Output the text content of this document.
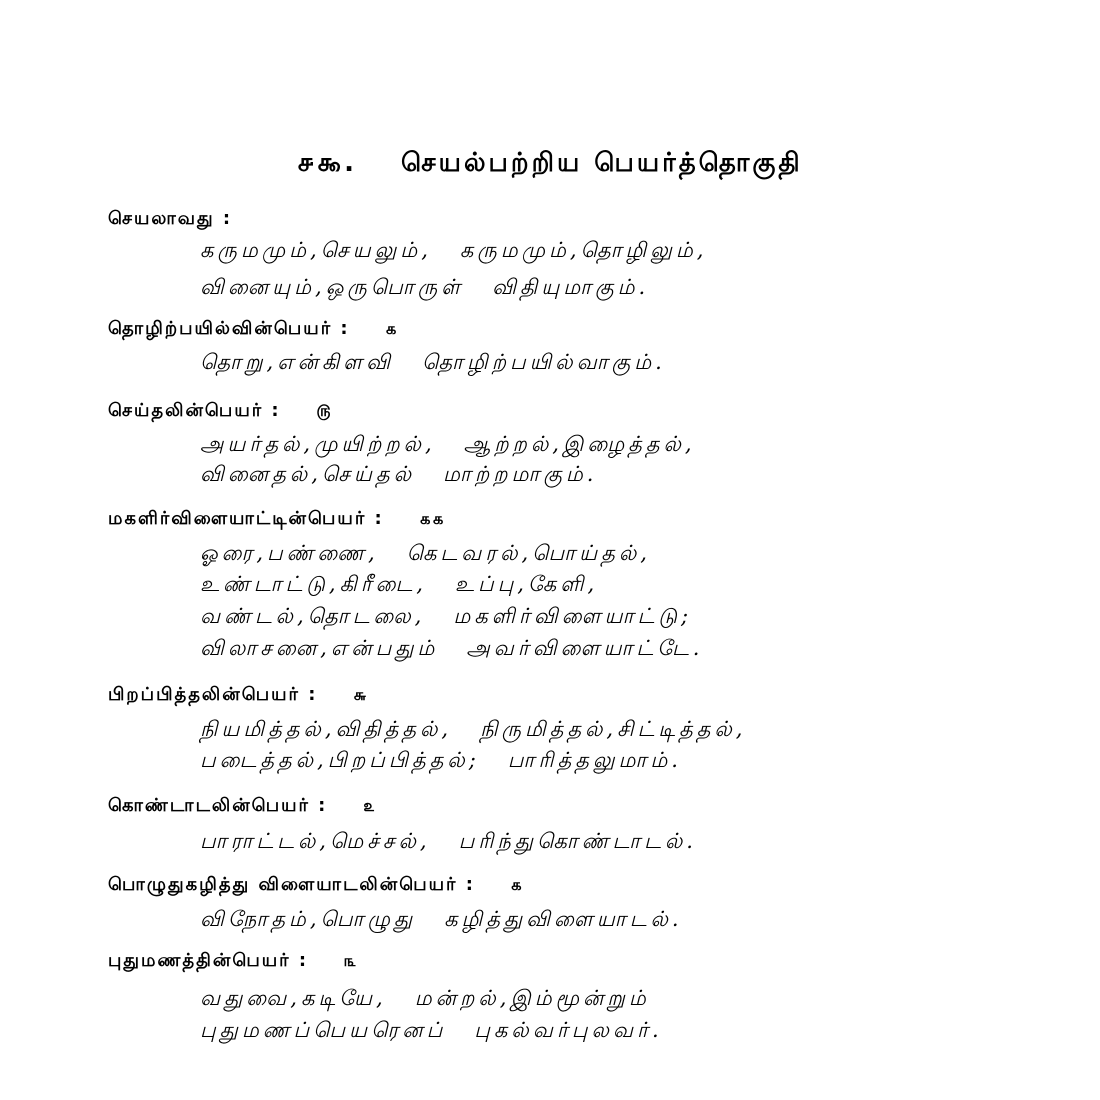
௪௯. செயல்பற்றிய பெயர்த்தொகுதி
செயலாவது :
கருமமும்,செயலும், கருமமும்,தொழிலும்,
வினையும்,ஒருபொருள் விதியுமாகும்.
தொழிற்பயில்வின்பெயர் : ௧
தொறு,என்கிளவி தொழிற்பயில்வாகும்.
செய்தலின்பெயர் : ௫
அயர்தல்,முயிற்றல், ஆற்றல்,இழைத்தல்,
வினைதல்,செய்தல் மாற்றமாகும்.
மகளிர்விளையாட்டின்பெயர் : ௧௧
ஓரை,பண்ணை, கெடவரல்,பொய்தல்,
உண்டாட்டு,கிரீடை, உப்பு,கேளி,
வண்டல்,தொடலை, மகளிர்விளையாட்டு;
விலாசனை,என்பதும் அவர்விளையாட்டே.
பிறப்பித்தலின்பெயர் : ௬
நியமித்தல்,விதித்தல், நிருமித்தல்,சிட்டித்தல்,
படைத்தல்,பிறப்பித்தல்; பாரித்தலுமாம்.
கொண்டாடலின்பெயர் : ௨
பாராட்டல்,மெச்சல், பரிந்துகொண்டாடல்.
பொழுதுகழித்து விளையாடலின்பெயர் : ௧
விநோதம்,பொழுது கழித்துவிளையாடல்.
புதுமணத்தின்பெயர் : ௩
வதுவை,கடியே, மன்றல்,இம்மூன்றும்
புதுமணப்பெயரெனப் புகல்வர்புலவர்.
